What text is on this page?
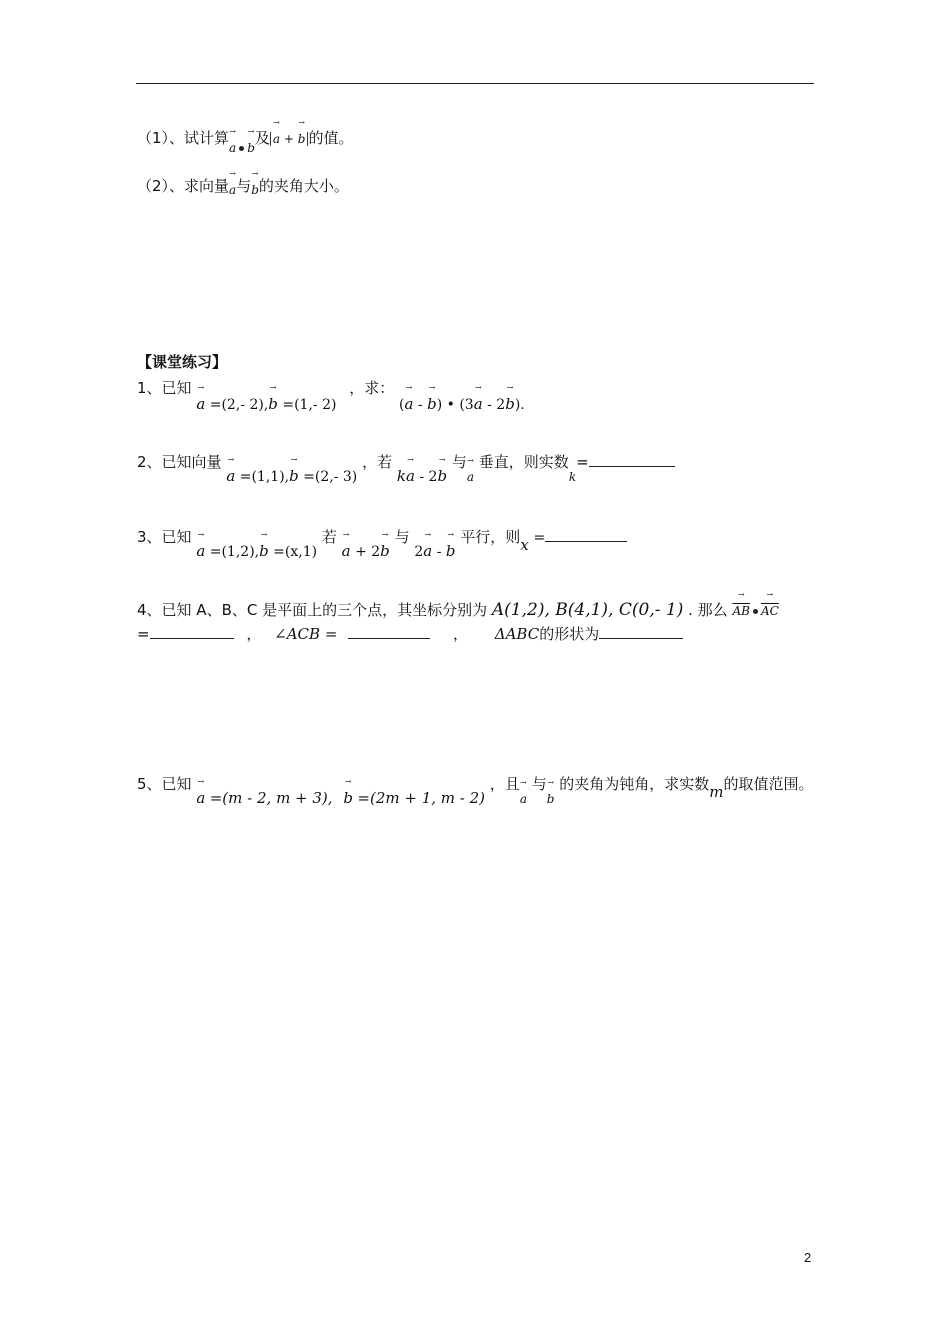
（1）、试计算→ a → b及 → a + → b 的值。
（2）、求向量→ a与→ b的夹角大小。
【课堂练习】
1、已知 → a =(2,- 2),→ b =(1,- 2) ，求： (→ a - → b) • (3→ a - 2→ b).
2、已知向量 → a =(1,1),→ b =(2,- 3) ，若 k→ a - 2→ b 与→ a 垂直，则实数$_k$=
3、已知 → a =(1,2),→ b =(x,1) 若 → a + 2→ b 与 2→ a - → b 平行，则x =
4、已知 A、B、C 是平面上的三个点，其坐标分别为 A(1,2), B(4,1), C(0,- 1) . 那么 → $\overline{AB} \to \overline{AC}$
=	， ∠ACB =	， ΔABC的形状为
5、已知 → a =(m - 2, m + 3), → b =(2m + 1, m - 2) ，且→ a 与→ b 的夹角为钝角，求实数m的取值范围。
2
